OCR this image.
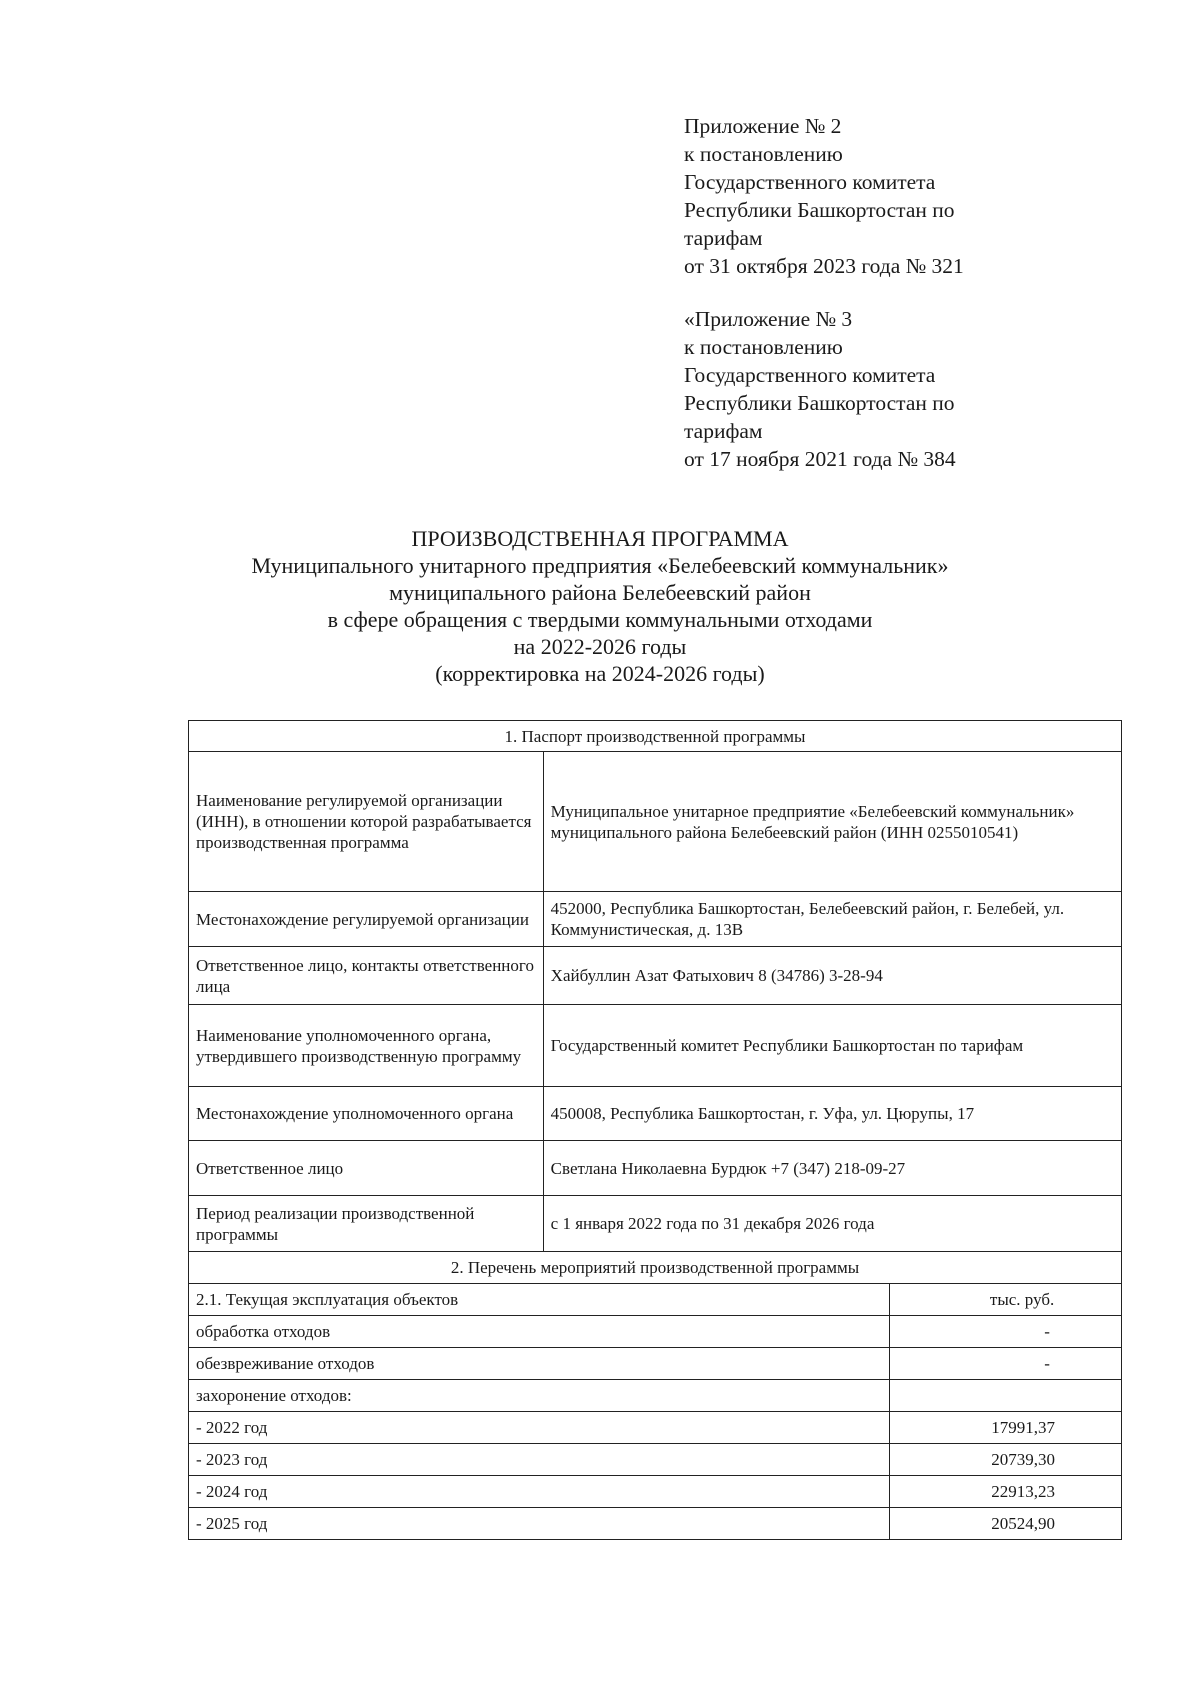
Приложение № 2
к постановлению
Государственного комитета
Республики Башкортостан по
тарифам
от 31 октября 2023 года № 321
«Приложение № 3
к постановлению
Государственного комитета
Республики Башкортостан по
тарифам
от 17 ноября 2021 года № 384
ПРОИЗВОДСТВЕННАЯ ПРОГРАММА
Муниципального унитарного предприятия «Белебеевский коммунальник»
муниципального района Белебеевский район
в сфере обращения с твердыми коммунальными отходами
на 2022-2026 годы
(корректировка на 2024-2026 годы)
1. Паспорт производственной программы		
Наименование регулируемой организации (ИНН), в отношении которой разрабатывается производственная программа	Муниципальное унитарное предприятие «Белебеевский коммунальник» муниципального района Белебеевский район (ИНН 0255010541)	
Местонахождение регулируемой организации	452000, Республика Башкортостан, Белебеевский район, г. Белебей, ул. Коммунистическая, д. 13В	
Ответственное лицо, контакты ответственного лица	Хайбуллин Азат Фатыхович 8 (34786) 3-28-94	
Наименование уполномоченного органа, утвердившего производственную программу	Государственный комитет Республики Башкортостан по тарифам	
Местонахождение уполномоченного органа	450008, Республика Башкортостан, г. Уфа, ул. Цюрупы, 17	
Ответственное лицо	Светлана Николаевна Бурдюк +7 (347) 218-09-27	
Период реализации производственной программы	с 1 января 2022 года по 31 декабря 2026 года	
2. Перечень мероприятий производственной программы		
2.1. Текущая эксплуатация объектов		тыс. руб.
обработка отходов		-
обезвреживание отходов		-
захоронение отходов:		
- 2022 год		17991,37
- 2023 год		20739,30
- 2024 год		22913,23
- 2025 год		20524,90
